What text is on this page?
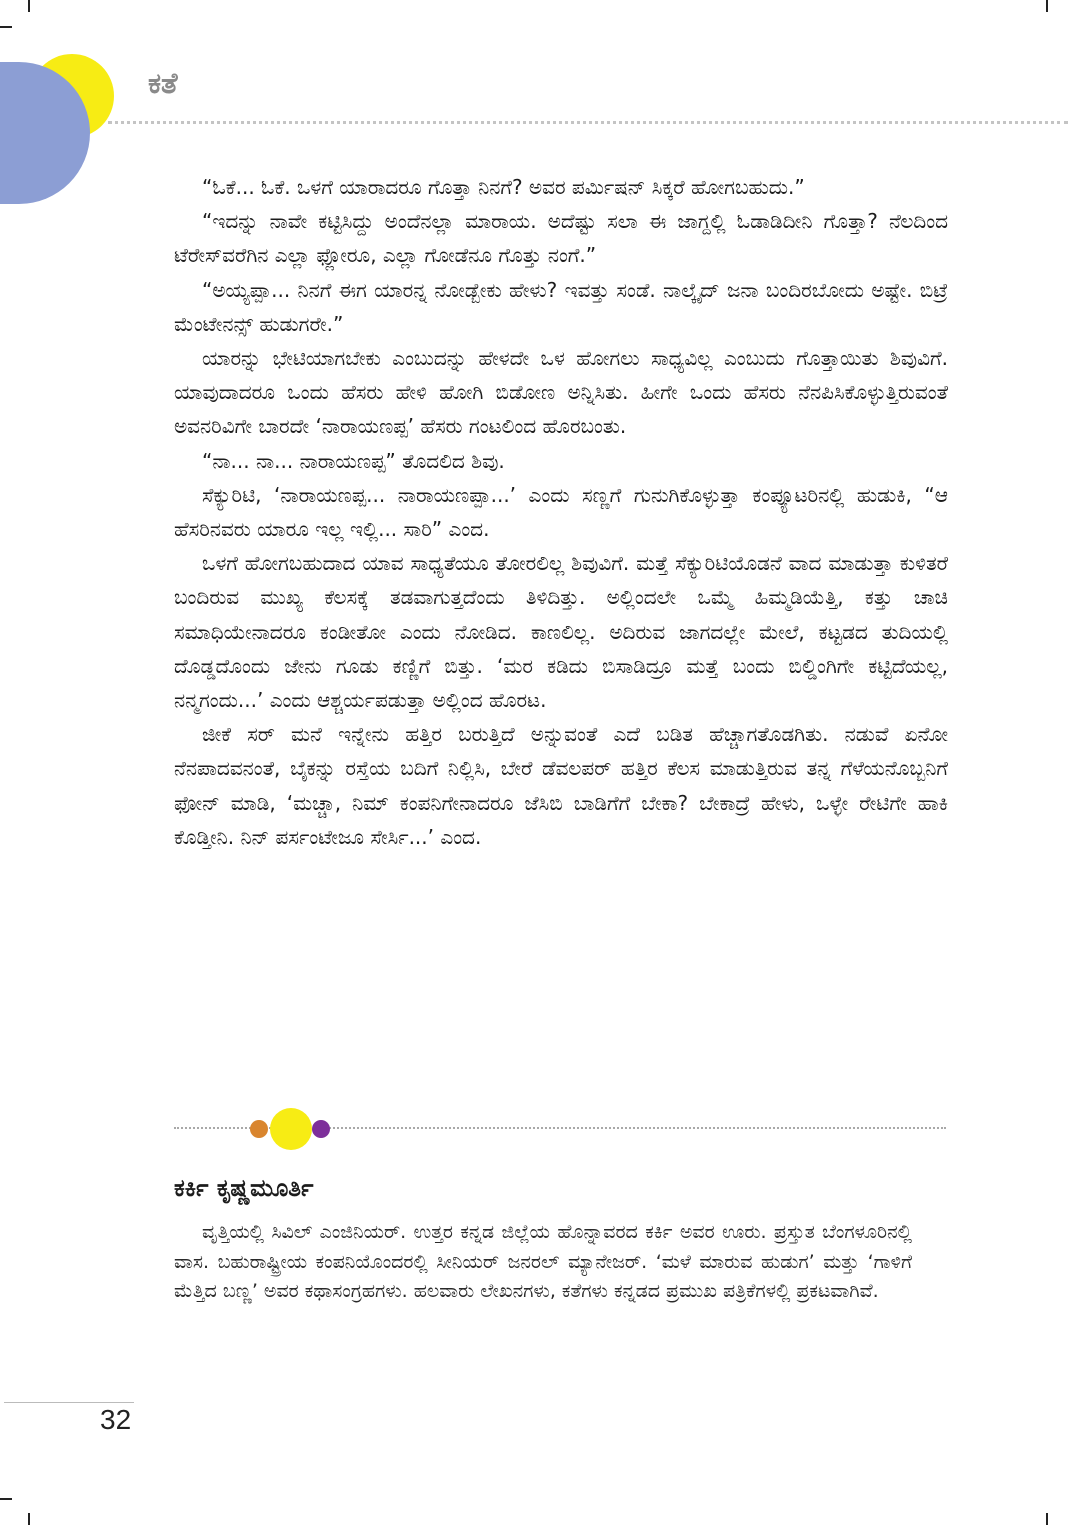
ಕತೆ

“ಓಕೆ... ಓಕೆ. ಒಳಗೆ ಯಾರಾದರೂ ಗೊತ್ತಾ ನಿನಗೆ? ಅವರ ಪರ್ಮಿಷನ್ ಸಿಕ್ಕರೆ ಹೋಗಬಹುದು.”

“ಇದನ್ನು ನಾವೇ ಕಟ್ಟಿಸಿದ್ದು ಅಂದೆನಲ್ಲಾ ಮಾರಾಯ. ಅದೆಷ್ಟು ಸಲಾ ಈ ಜಾಗ್ದಲ್ಲಿ ಓಡಾಡಿದೀನಿ ಗೊತ್ತಾ? ನೆಲದಿಂದ ಟೆರೇಸ್‌ವರೆಗಿನ ಎಲ್ಲಾ ಫ್ಲೋರೂ, ಎಲ್ಲಾ ಗೋಡೆನೂ ಗೊತ್ತು ನಂಗೆ.”

“ಅಯ್ಯಪ್ಪಾ... ನಿನಗೆ ಈಗ ಯಾರನ್ನ ನೋಡ್ಬೇಕು ಹೇಳು? ಇವತ್ತು ಸಂಡೆ. ನಾಲ್ಕೈದ್ ಜನಾ ಬಂದಿರಬೋದು ಅಷ್ಟೇ. ಬಿಟ್ರೆ ಮೆಂಟೇನನ್ಸ್ ಹುಡುಗರೇ.”

ಯಾರನ್ನು ಭೇಟಿಯಾಗಬೇಕು ಎಂಬುದನ್ನು ಹೇಳದೇ ಒಳ ಹೋಗಲು ಸಾಧ್ಯವಿಲ್ಲ ಎಂಬುದು ಗೊತ್ತಾಯಿತು ಶಿವುವಿಗೆ. ಯಾವುದಾದರೂ ಒಂದು ಹೆಸರು ಹೇಳಿ ಹೋಗಿ ಬಿಡೋಣ ಅನ್ನಿಸಿತು. ಹೀಗೇ ಒಂದು ಹೆಸರು ನೆನಪಿಸಿಕೊಳ್ಳುತ್ತಿರುವಂತೆ ಅವನರಿವಿಗೇ ಬಾರದೇ ‘ನಾರಾಯಣಪ್ಪ’ ಹೆಸರು ಗಂಟಲಿಂದ ಹೊರಬಂತು.

“ನಾ... ನಾ... ನಾರಾಯಣಪ್ಪ” ತೊದಲಿದ ಶಿವು.

ಸೆಕ್ಯುರಿಟಿ, ‘ನಾರಾಯಣಪ್ಪ... ನಾರಾಯಣಪ್ಪಾ...’ ಎಂದು ಸಣ್ಣಗೆ ಗುನುಗಿಕೊಳ್ಳುತ್ತಾ ಕಂಪ್ಯೂಟರಿನಲ್ಲಿ ಹುಡುಕಿ, “ಆ ಹೆಸರಿನವರು ಯಾರೂ ಇಲ್ಲ ಇಲ್ಲಿ... ಸಾರಿ” ಎಂದ.

ಒಳಗೆ ಹೋಗಬಹುದಾದ ಯಾವ ಸಾಧ್ಯತೆಯೂ ತೋರಲಿಲ್ಲ ಶಿವುವಿಗೆ. ಮತ್ತೆ ಸೆಕ್ಯುರಿಟಿಯೊಡನೆ ವಾದ ಮಾಡುತ್ತಾ ಕುಳಿತರೆ ಬಂದಿರುವ ಮುಖ್ಯ ಕೆಲಸಕ್ಕೆ ತಡವಾಗುತ್ತದೆಂದು ತಿಳಿದಿತ್ತು. ಅಲ್ಲಿಂದಲೇ ಒಮ್ಮೆ ಹಿಮ್ಮಡಿಯೆತ್ತಿ, ಕತ್ತು ಚಾಚಿ ಸಮಾಧಿಯೇನಾದರೂ ಕಂಡೀತೋ ಎಂದು ನೋಡಿದ. ಕಾಣಲಿಲ್ಲ. ಅದಿರುವ ಜಾಗದಲ್ಲೇ ಮೇಲೆ, ಕಟ್ಟಡದ ತುದಿಯಲ್ಲಿ ದೊಡ್ಡದೊಂದು ಜೇನು ಗೂಡು ಕಣ್ಣಿಗೆ ಬಿತ್ತು. ‘ಮರ ಕಡಿದು ಬಿಸಾಡಿದ್ರೂ ಮತ್ತೆ ಬಂದು ಬಿಲ್ಡಿಂಗಿಗೇ ಕಟ್ಟಿದೆಯಲ್ಲ, ನನ್ಮಗಂದು...’ ಎಂದು ಆಶ್ಚರ್ಯಪಡುತ್ತಾ ಅಲ್ಲಿಂದ ಹೊರಟ.

ಜೀಕೆ ಸರ್ ಮನೆ ಇನ್ನೇನು ಹತ್ತಿರ ಬರುತ್ತಿದೆ ಅನ್ನುವಂತೆ ಎದೆ ಬಡಿತ ಹೆಚ್ಚಾಗತೊಡಗಿತು. ನಡುವೆ ಏನೋ ನೆನಪಾದವನಂತೆ, ಬೈಕನ್ನು ರಸ್ತೆಯ ಬದಿಗೆ ನಿಲ್ಲಿಸಿ, ಬೇರೆ ಡೆವಲಪರ್ ಹತ್ತಿರ ಕೆಲಸ ಮಾಡುತ್ತಿರುವ ತನ್ನ ಗೆಳೆಯನೊಬ್ಬನಿಗೆ ಫೋನ್ ಮಾಡಿ, ‘ಮಚ್ಚಾ, ನಿಮ್ ಕಂಪನಿಗೇನಾದರೂ ಜೆಸಿಬಿ ಬಾಡಿಗೆಗೆ ಬೇಕಾ? ಬೇಕಾದ್ರೆ ಹೇಳು, ಒಳ್ಳೇ ರೇಟಿಗೇ ಹಾಕಿ ಕೊಡ್ತೀನಿ. ನಿನ್ ಪರ್ಸಂಟೇಜೂ ಸೇರ್ಸಿ...’ ಎಂದ.

ಕರ್ಕಿ ಕೃಷ್ಣಮೂರ್ತಿ

ವೃತ್ತಿಯಲ್ಲಿ ಸಿವಿಲ್ ಎಂಜಿನಿಯರ್. ಉತ್ತರ ಕನ್ನಡ ಜಿಲ್ಲೆಯ ಹೊನ್ನಾವರದ ಕರ್ಕಿ ಅವರ ಊರು. ಪ್ರಸ್ತುತ ಬೆಂಗಳೂರಿನಲ್ಲಿ ವಾಸ. ಬಹುರಾಷ್ಟ್ರೀಯ ಕಂಪನಿಯೊಂದರಲ್ಲಿ ಸೀನಿಯರ್ ಜನರಲ್ ಮ್ಯಾನೇಜರ್. ‘ಮಳೆ ಮಾರುವ ಹುಡುಗ’ ಮತ್ತು ‘ಗಾಳಿಗೆ ಮೆತ್ತಿದ ಬಣ್ಣ’ ಅವರ ಕಥಾಸಂಗ್ರಹಗಳು. ಹಲವಾರು ಲೇಖನಗಳು, ಕತೆಗಳು ಕನ್ನಡದ ಪ್ರಮುಖ ಪತ್ರಿಕೆಗಳಲ್ಲಿ ಪ್ರಕಟವಾಗಿವೆ.

32
